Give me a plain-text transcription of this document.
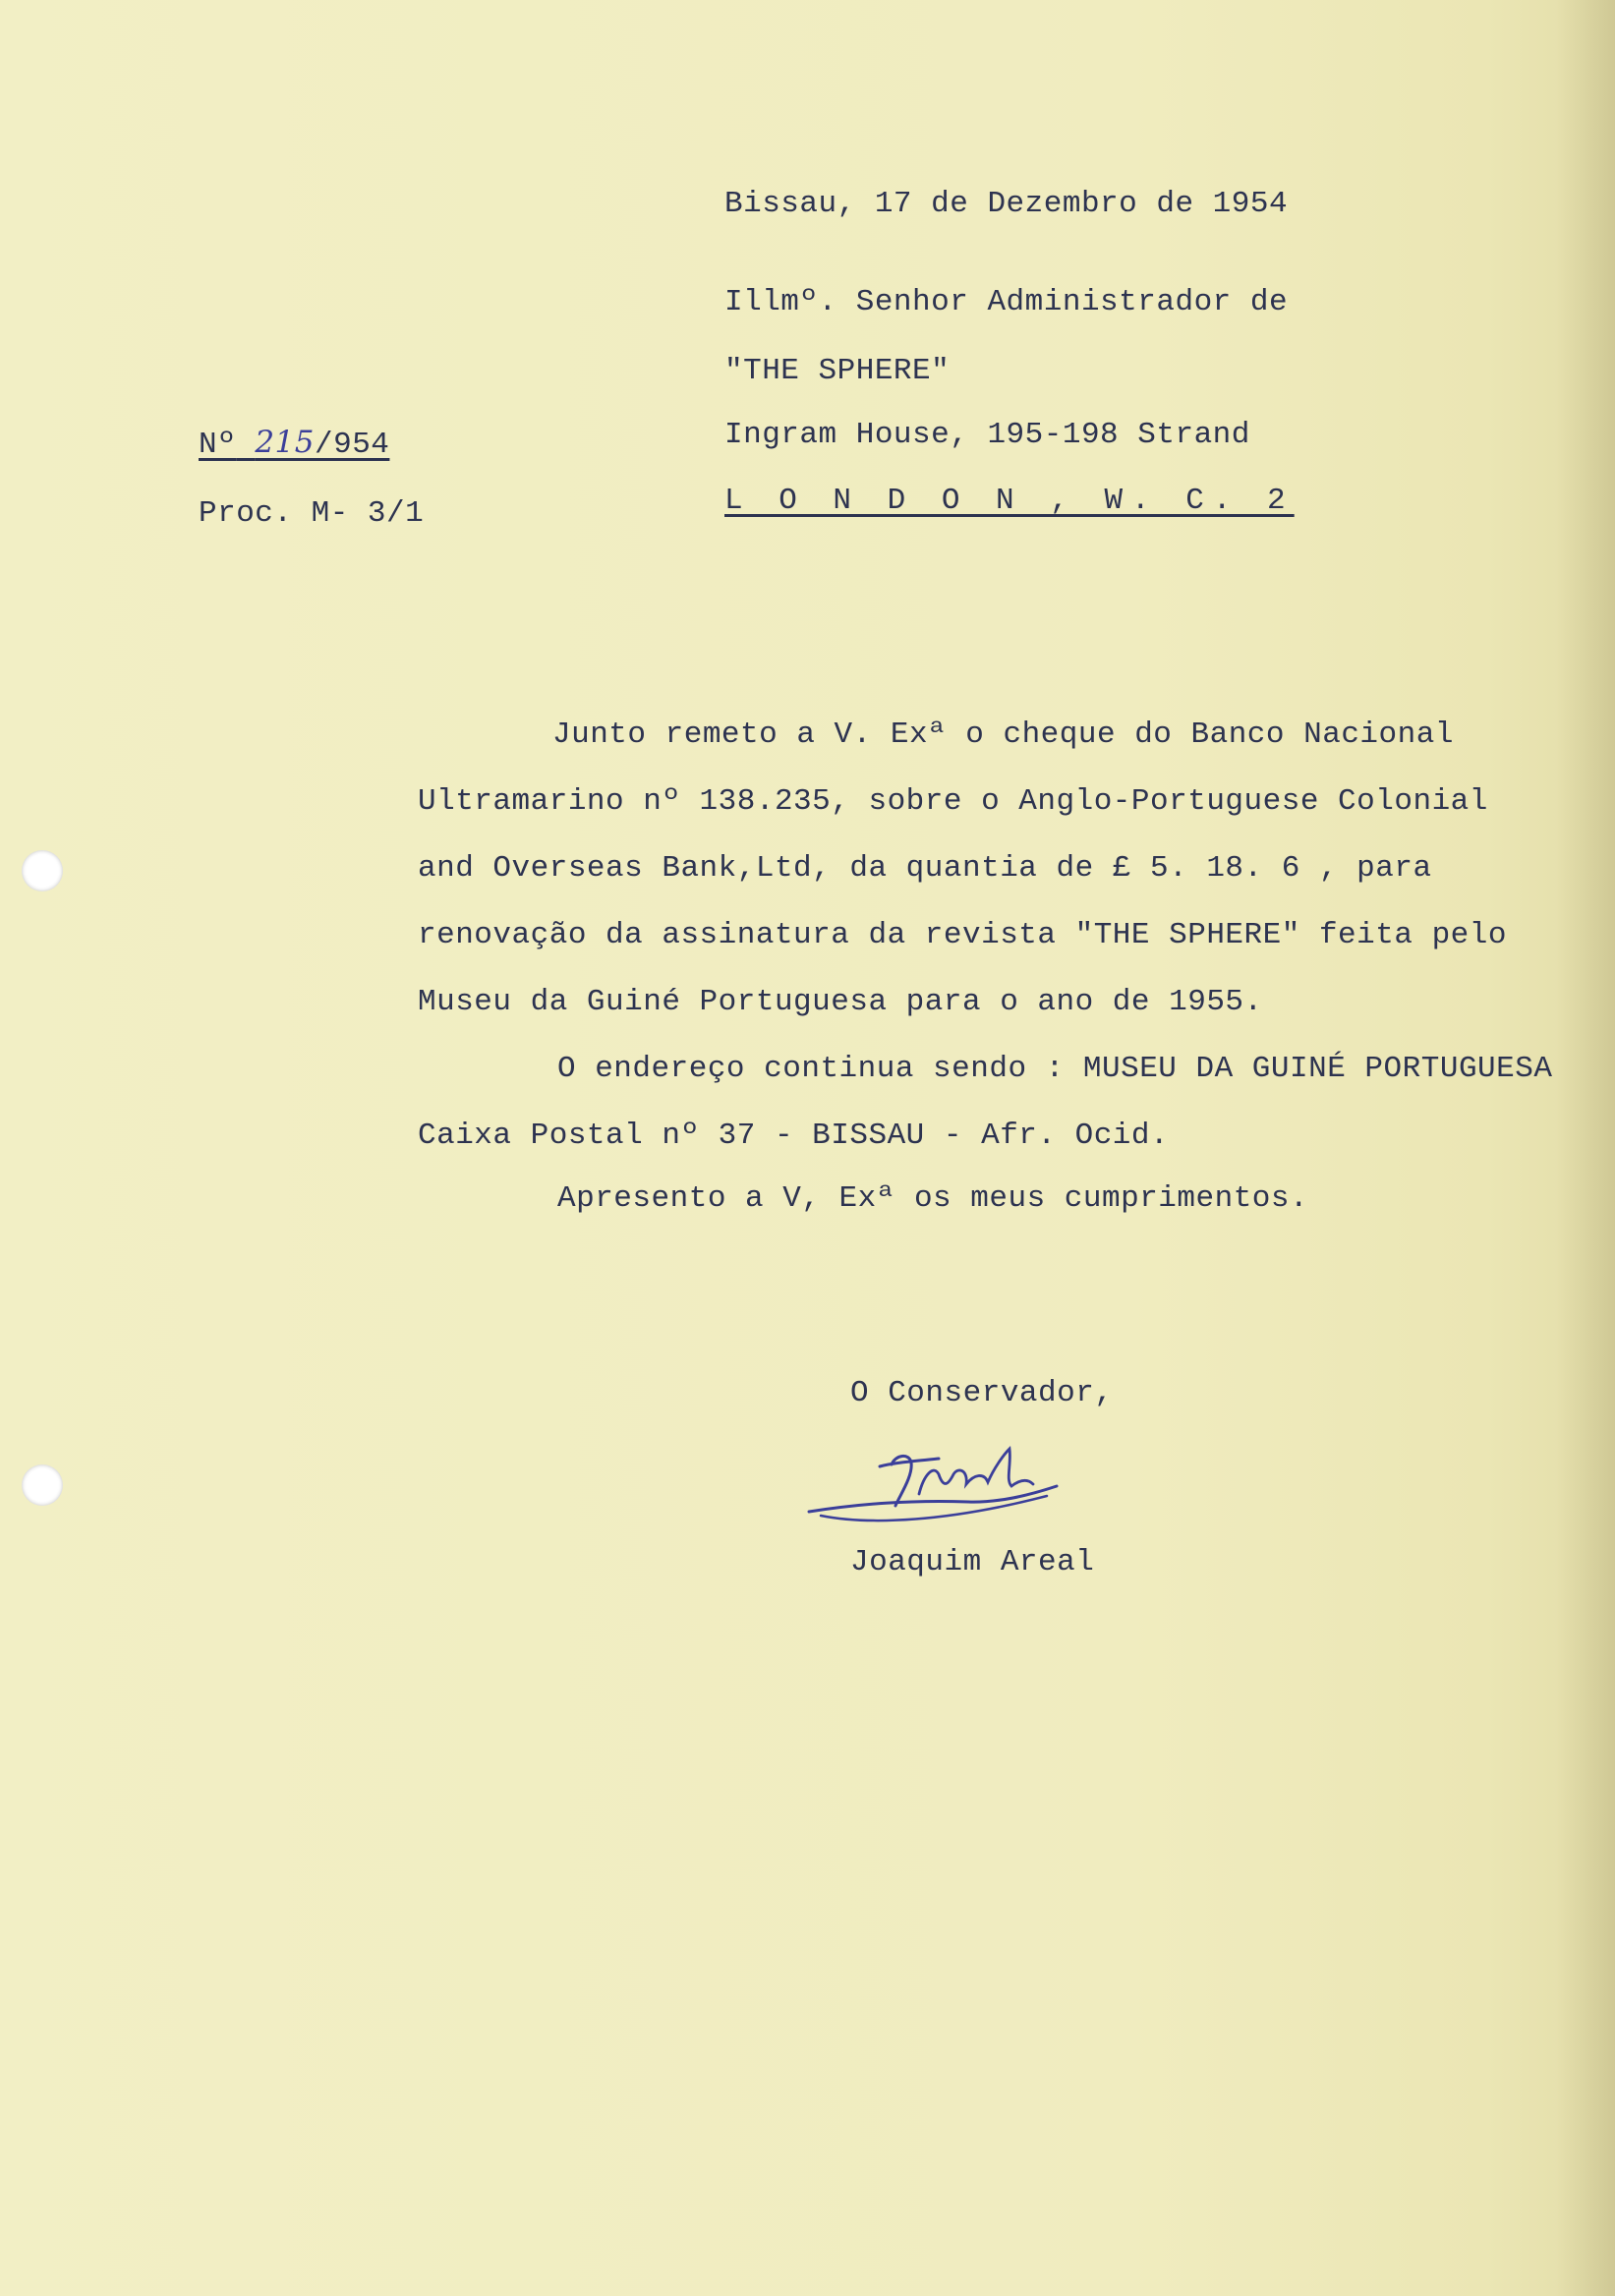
Bissau, 17 de Dezembro de 1954
Illmº. Senhor Administrador de
"THE SPHERE"
Ingram House, 195-198 Strand
L O N D O N , W. C. 2
Nº 215/954
Proc. M- 3/1
Junto remeto a V. Exª o cheque do Banco Nacional
Ultramarino nº 138.235, sobre o Anglo-Portuguese Colonial
and Overseas Bank,Ltd, da quantia de £ 5. 18. 6 , para
renovação da assinatura da revista "THE SPHERE" feita pelo
Museu da Guiné Portuguesa para o ano de 1955.
O endereço continua sendo : MUSEU DA GUINÉ PORTUGUESA
Caixa Postal nº 37 - BISSAU - Afr. Ocid.
Apresento a V, Exª os meus cumprimentos.
O Conservador,
Joaquim Areal
